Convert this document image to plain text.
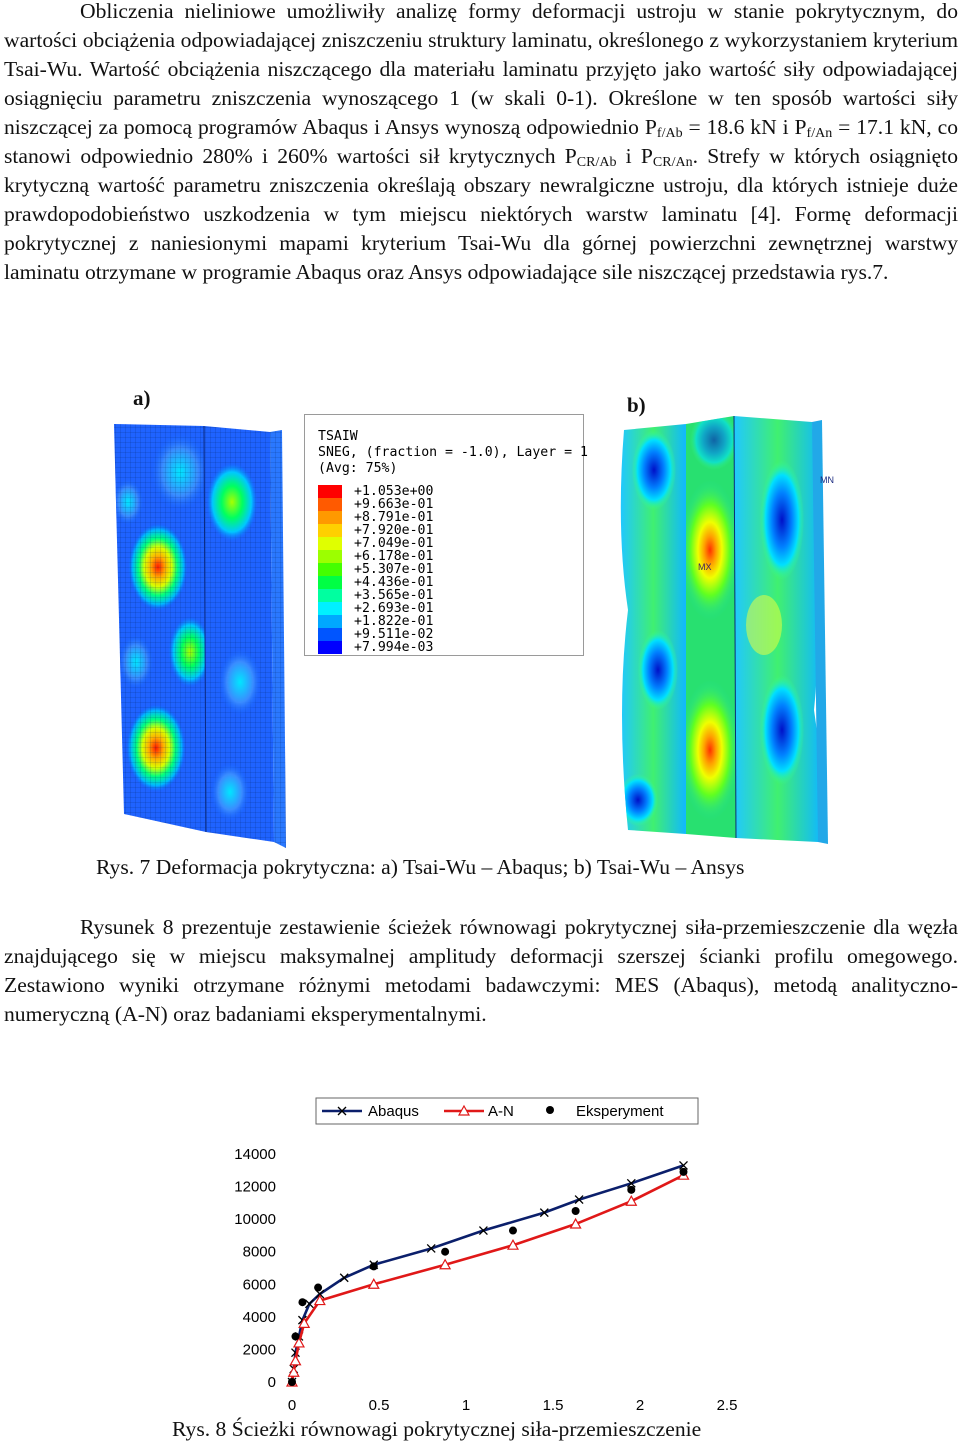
Obliczenia nieliniowe umożliwiły analizę formy deformacji ustroju w stanie pokrytycznym, do wartości obciążenia odpowiadającej zniszczeniu struktury laminatu, określonego z wykorzystaniem kryterium Tsai-Wu. Wartość obciążenia niszczącego dla materiału laminatu przyjęto jako wartość siły odpowiadającej osiągnięciu parametru zniszczenia wynoszącego 1 (w skali 0-1). Określone w ten sposób wartości siły niszczącej za pomocą programów Abaqus i Ansys wynoszą odpowiednio $P_{f/Ab} = 18.6$ kN i $P_{f/An} = 17.1$ kN, co stanowi odpowiednio 280% i 260% wartości sił krytycznych $P_{CR/Ab}$ i $P_{CR/An}$. Strefy w których osiągnięto krytyczną wartość parametru zniszczenia określają obszary newralgiczne ustroju, dla których istnieje duże prawdopodobieństwo uszkodzenia w tym miejscu niektórych warstw laminatu [4]. Formę deformacji pokrytycznej z naniesionymi mapami kryterium Tsai-Wu dla górnej powierzchni zewnętrznej warstwy laminatu otrzymane w programie Abaqus oraz Ansys odpowiadające sile niszczącej przedstawia rys.7.
a)	b)
TSAIW
SNEG, (fraction = -1.0), Layer = 1
(Avg: 75%)
+1.053e+00
+9.663e-01
+8.791e-01
+7.920e-01
+7.049e-01
+6.178e-01
+5.307e-01
+4.436e-01
+3.565e-01
+2.693e-01
+1.822e-01
+9.511e-02
+7.994e-03
MX
MN
Rys. 7 Deformacja pokrytyczna: a) Tsai-Wu – Abaqus; b) Tsai-Wu – Ansys
Rysunek 8 prezentuje zestawienie ścieżek równowagi pokrytycznej siła-przemieszczenie dla węzła znajdującego się w miejscu maksymalnej amplitudy deformacji szerszej ścianki profilu omegowego. Zestawiono wyniki otrzymane różnymi metodami badawczymi: MES (Abaqus), metodą analityczno-numeryczną (A-N) oraz badaniami eksperymentalnymi.
Abaqus	A-N	Eksperyment
0
2000
4000
6000
8000
10000
12000
14000
0	0.5	1	1.5	2	2.5
Rys. 8 Ścieżki równowagi pokrytycznej siła-przemieszczenie
